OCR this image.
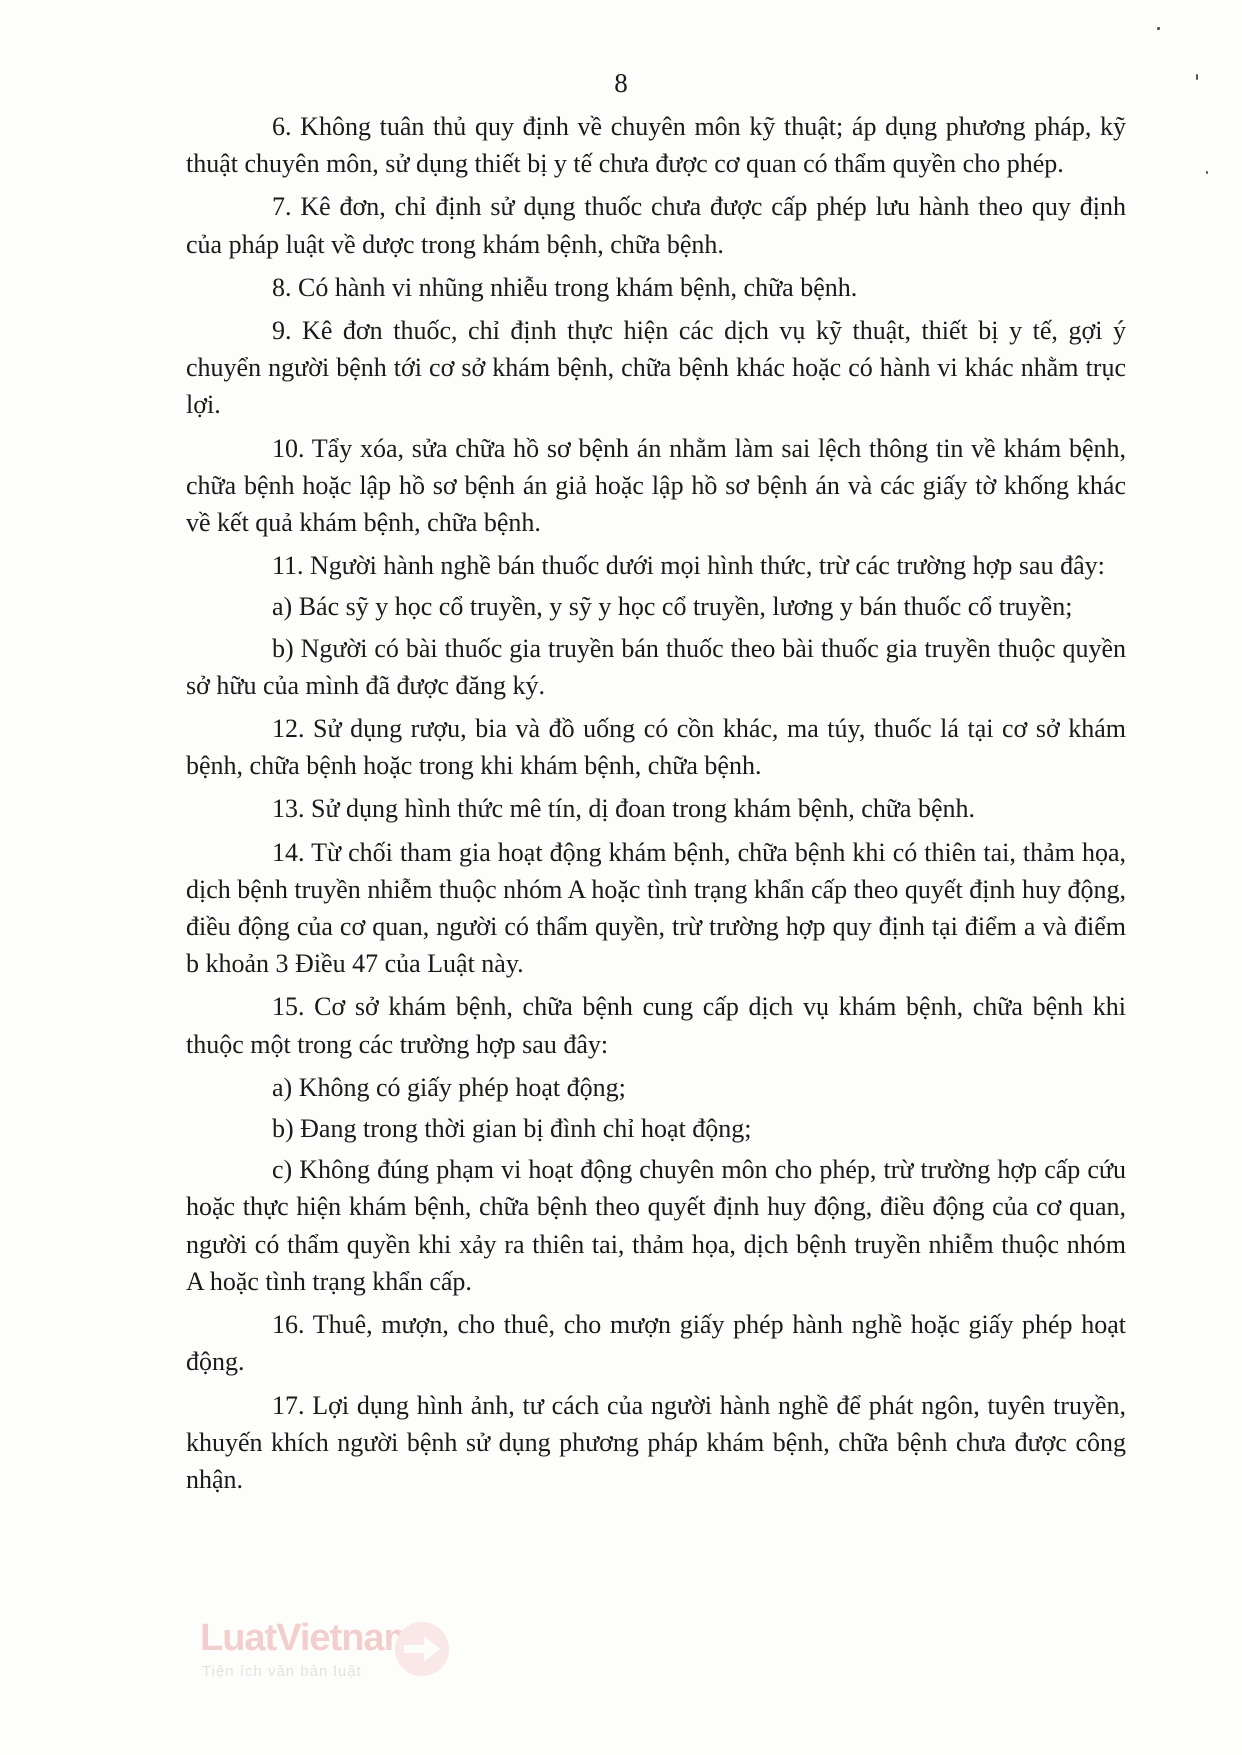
8

6. Không tuân thủ quy định về chuyên môn kỹ thuật; áp dụng phương pháp, kỹ thuật chuyên môn, sử dụng thiết bị y tế chưa được cơ quan có thẩm quyền cho phép.

7. Kê đơn, chỉ định sử dụng thuốc chưa được cấp phép lưu hành theo quy định của pháp luật về dược trong khám bệnh, chữa bệnh.

8. Có hành vi nhũng nhiễu trong khám bệnh, chữa bệnh.

9. Kê đơn thuốc, chỉ định thực hiện các dịch vụ kỹ thuật, thiết bị y tế, gợi ý chuyển người bệnh tới cơ sở khám bệnh, chữa bệnh khác hoặc có hành vi khác nhằm trục lợi.

10. Tẩy xóa, sửa chữa hồ sơ bệnh án nhằm làm sai lệch thông tin về khám bệnh, chữa bệnh hoặc lập hồ sơ bệnh án giả hoặc lập hồ sơ bệnh án và các giấy tờ khống khác về kết quả khám bệnh, chữa bệnh.

11. Người hành nghề bán thuốc dưới mọi hình thức, trừ các trường hợp sau đây:

a) Bác sỹ y học cổ truyền, y sỹ y học cổ truyền, lương y bán thuốc cổ truyền;

b) Người có bài thuốc gia truyền bán thuốc theo bài thuốc gia truyền thuộc quyền sở hữu của mình đã được đăng ký.

12. Sử dụng rượu, bia và đồ uống có cồn khác, ma túy, thuốc lá tại cơ sở khám bệnh, chữa bệnh hoặc trong khi khám bệnh, chữa bệnh.

13. Sử dụng hình thức mê tín, dị đoan trong khám bệnh, chữa bệnh.

14. Từ chối tham gia hoạt động khám bệnh, chữa bệnh khi có thiên tai, thảm họa, dịch bệnh truyền nhiễm thuộc nhóm A hoặc tình trạng khẩn cấp theo quyết định huy động, điều động của cơ quan, người có thẩm quyền, trừ trường hợp quy định tại điểm a và điểm b khoản 3 Điều 47 của Luật này.

15. Cơ sở khám bệnh, chữa bệnh cung cấp dịch vụ khám bệnh, chữa bệnh khi thuộc một trong các trường hợp sau đây:

a) Không có giấy phép hoạt động;

b) Đang trong thời gian bị đình chỉ hoạt động;

c) Không đúng phạm vi hoạt động chuyên môn cho phép, trừ trường hợp cấp cứu hoặc thực hiện khám bệnh, chữa bệnh theo quyết định huy động, điều động của cơ quan, người có thẩm quyền khi xảy ra thiên tai, thảm họa, dịch bệnh truyền nhiễm thuộc nhóm A hoặc tình trạng khẩn cấp.

16. Thuê, mượn, cho thuê, cho mượn giấy phép hành nghề hoặc giấy phép hoạt động.

17. Lợi dụng hình ảnh, tư cách của người hành nghề để phát ngôn, tuyên truyền, khuyến khích người bệnh sử dụng phương pháp khám bệnh, chữa bệnh chưa được công nhận.

LuatVietnam
Tiện ích văn bản luật
